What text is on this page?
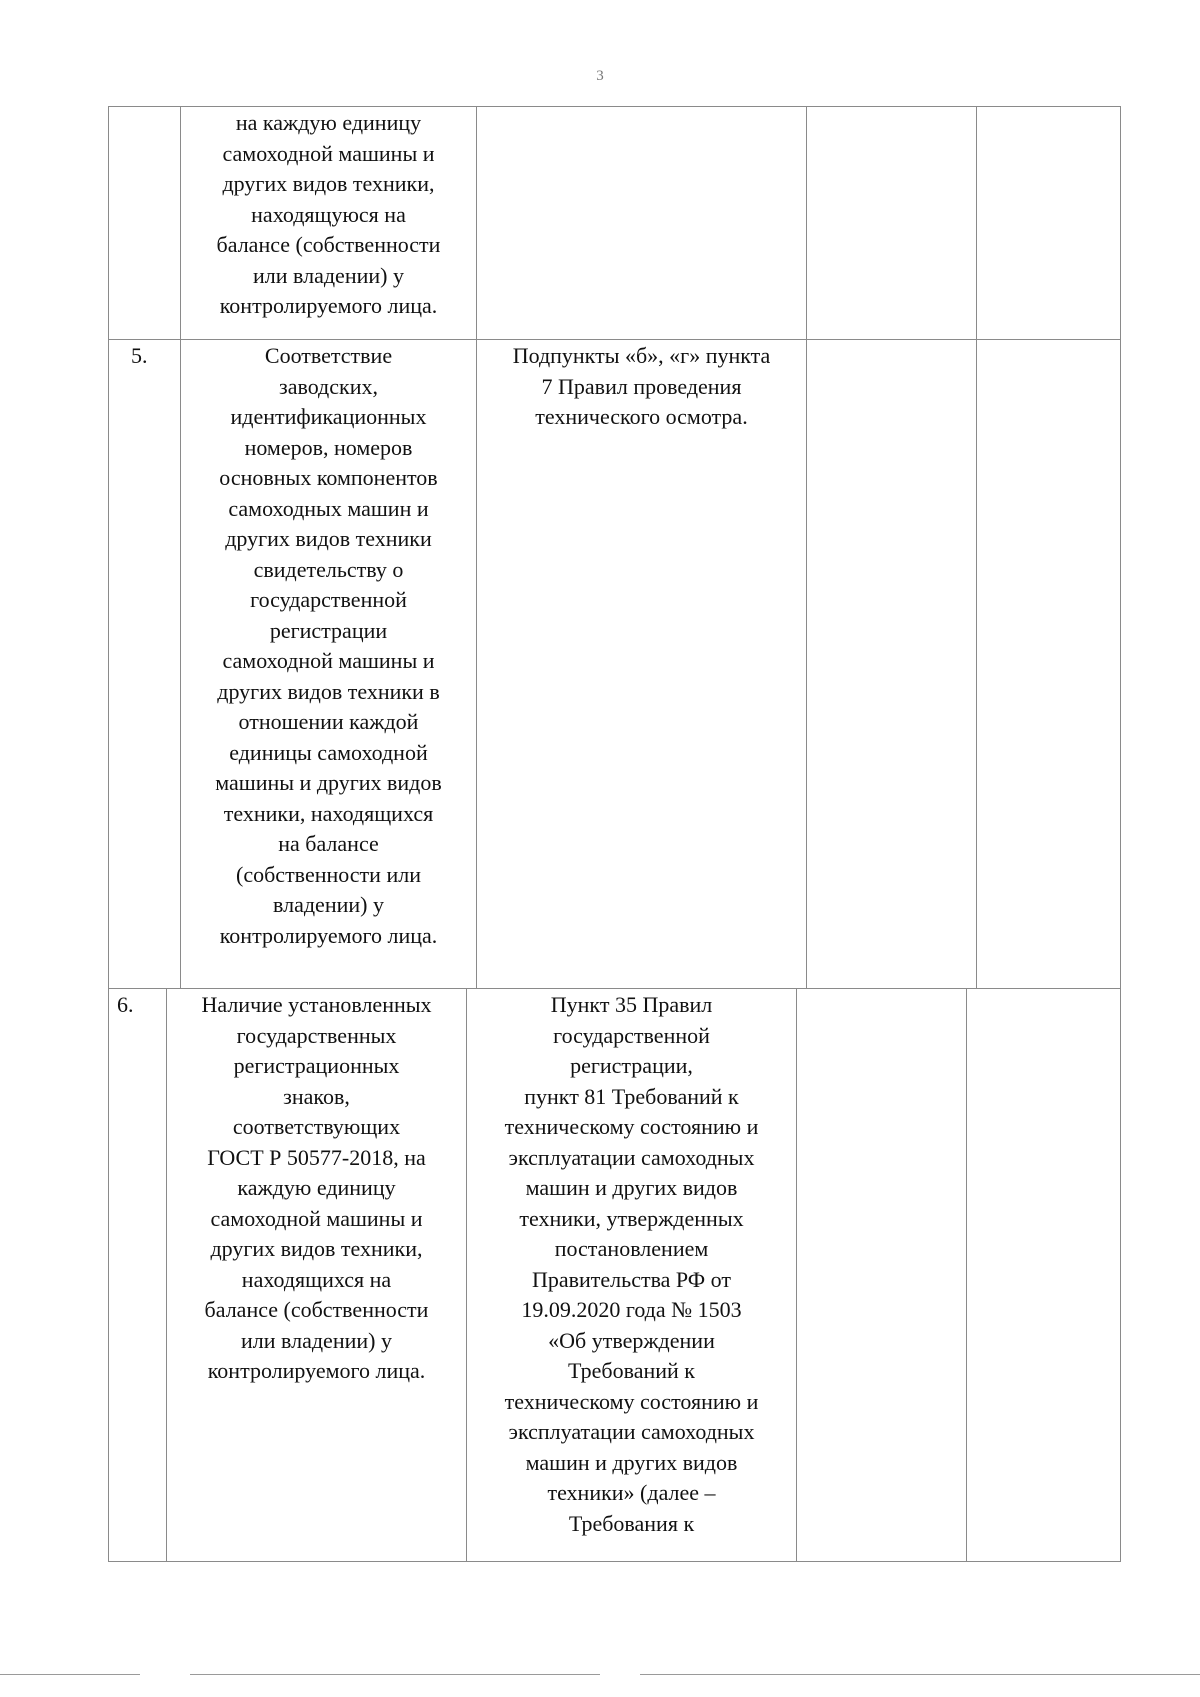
3
на каждую единицу
самоходной машины и
других видов техники,
находящуюся на
балансе (собственности
или владении) у
контролируемого лица.
5.	Соответствие
заводских,
идентификационных
номеров, номеров
основных компонентов
самоходных машин и
других видов техники
свидетельству о
государственной
регистрации
самоходной машины и
других видов техники в
отношении каждой
единицы самоходной
машины и других видов
техники, находящихся
на балансе
(собственности или
владении) у
контролируемого лица.
Подпункты «б», «г» пункта
7 Правил проведения
технического осмотра.
6.	Наличие установленных
государственных
регистрационных
знаков,
соответствующих
ГОСТ Р 50577-2018, на
каждую единицу
самоходной машины и
других видов техники,
находящихся на
балансе (собственности
или владении) у
контролируемого лица.
Пункт 35 Правил
государственной
регистрации,
пункт 81 Требований к
техническому состоянию и
эксплуатации самоходных
машин и других видов
техники, утвержденных
постановлением
Правительства РФ от
19.09.2020 года № 1503
«Об утверждении
Требований к
техническому состоянию и
эксплуатации самоходных
машин и других видов
техники» (далее –
Требования к
